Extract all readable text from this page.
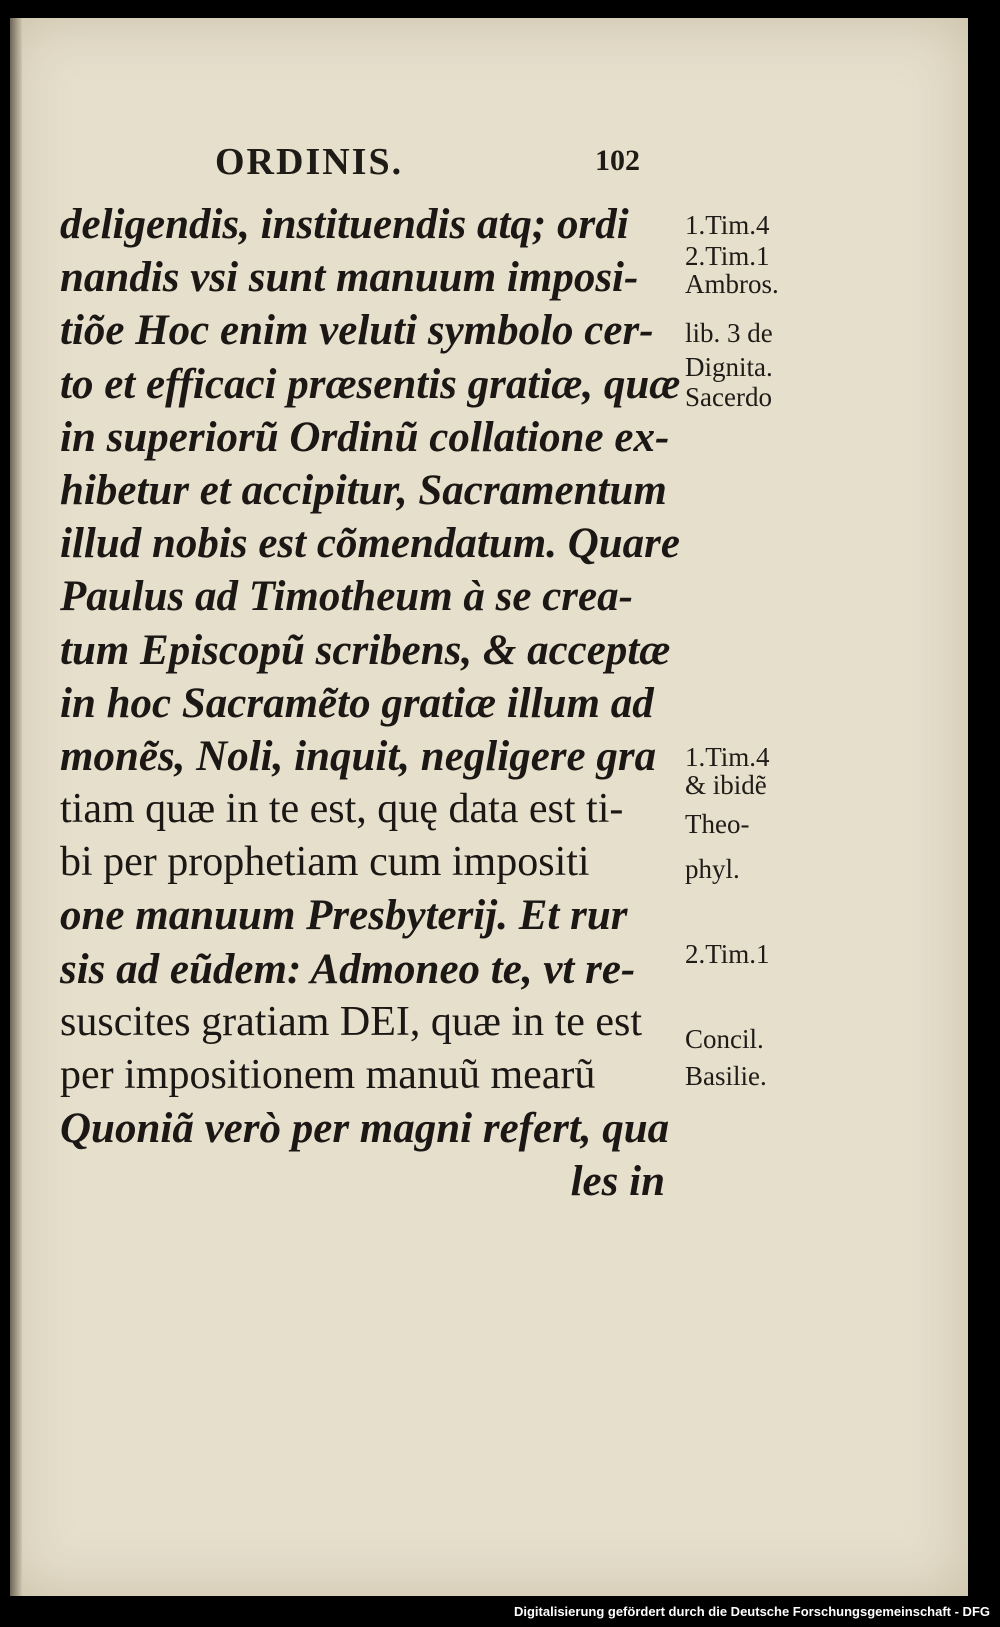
ORDINIS.	102
deligendis, instituendis atq; ordi
nandis vsi sunt manuum imposi-
tiõe Hoc enim veluti symbolo cer-
to et efficaci præsentis gratiæ, quæ
in superiorũ Ordinũ collatione ex-
hibetur et accipitur, Sacramentum
illud nobis est cõmendatum. Quare
Paulus ad Timotheum à se crea-
tum Episcopũ scribens, & acceptæ
in hoc Sacramẽto gratiæ illum ad
monẽs, Noli, inquit, negligere gra
tiam quæ in te est, quę data est ti-
bi per prophetiam cum impositi
one manuum Presbyterij. Et rur
sis ad eũdem: Admoneo te, vt re-
suscites gratiam DEI, quæ in te est
per impositionem manuũ mearũ
Quoniã verò per magni refert, qua
les in
1.Tim.4
2.Tim.1
Ambros.
lib. 3 de
Dignita.
Sacerdo
1.Tim.4
& ibidẽ
Theo-
phyl.
2.Tim.1
Concil.
Basilie.
Digitalisierung gefördert durch die Deutsche Forschungsgemeinschaft - DFG
